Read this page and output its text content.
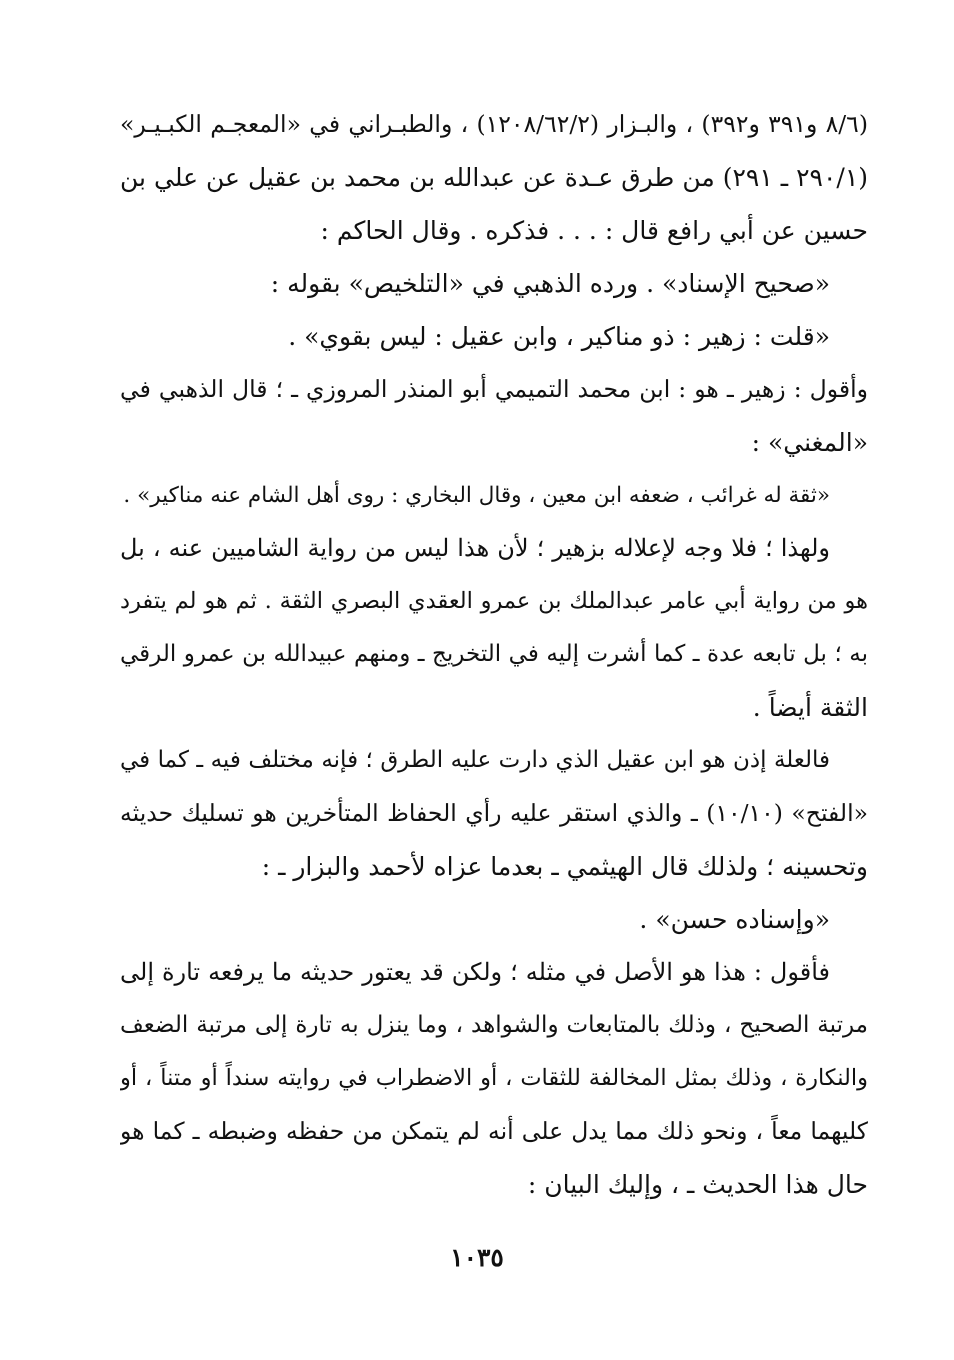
(٨/٦ و٣٩١ و٣٩٢) ، والبـزار (١٢٠٨/٦٢/٢) ، والطبـراني في «المعجـم الكبـيـر»
(٢٩٠/١ ـ ٢٩١) من طرق عـدة عن عبدالله بن محمد بن عقيل عن علي بن
حسين عن أبي رافع قال : . . . فذكره . وقال الحاكم :
«صحيح الإسناد» . ورده الذهبي في «التلخيص» بقوله :
«قلت : زهير : ذو مناكير ، وابن عقيل : ليس بقوي» .
وأقول : زهير ـ هو : ابن محمد التميمي أبو المنذر المروزي ـ ؛ قال الذهبي في
«المغني» :
«ثقة له غرائب ، ضعفه ابن معين ، وقال البخاري : روى أهل الشام عنه مناكير» .
ولهذا ؛ فلا وجه لإعلاله بزهير ؛ لأن هذا ليس من رواية الشاميين عنه ، بل
هو من رواية أبي عامر عبدالملك بن عمرو العقدي البصري الثقة . ثم هو لم يتفرد
به ؛ بل تابعه عدة ـ كما أشرت إليه في التخريج ـ ومنهم عبيدالله بن عمرو الرقي
الثقة أيضاً .
فالعلة إذن هو ابن عقيل الذي دارت عليه الطرق ؛ فإنه مختلف فيه ـ كما في
«الفتح» (١٠/١٠) ـ والذي استقر عليه رأي الحفاظ المتأخرين هو تسليك حديثه
وتحسينه ؛ ولذلك قال الهيثمي ـ بعدما عزاه لأحمد والبزار ـ :
«وإسناده حسن» .
فأقول : هذا هو الأصل في مثله ؛ ولكن قد يعتور حديثه ما يرفعه تارة إلى
مرتبة الصحيح ، وذلك بالمتابعات والشواهد ، وما ينزل به تارة إلى مرتبة الضعف
والنكارة ، وذلك بمثل المخالفة للثقات ، أو الاضطراب في روايته سنداً أو متناً ، أو
كليهما معاً ، ونحو ذلك مما يدل على أنه لم يتمكن من حفظه وضبطه ـ كما هو
حال هذا الحديث ـ ، وإليك البيان :
١٠٣٥
